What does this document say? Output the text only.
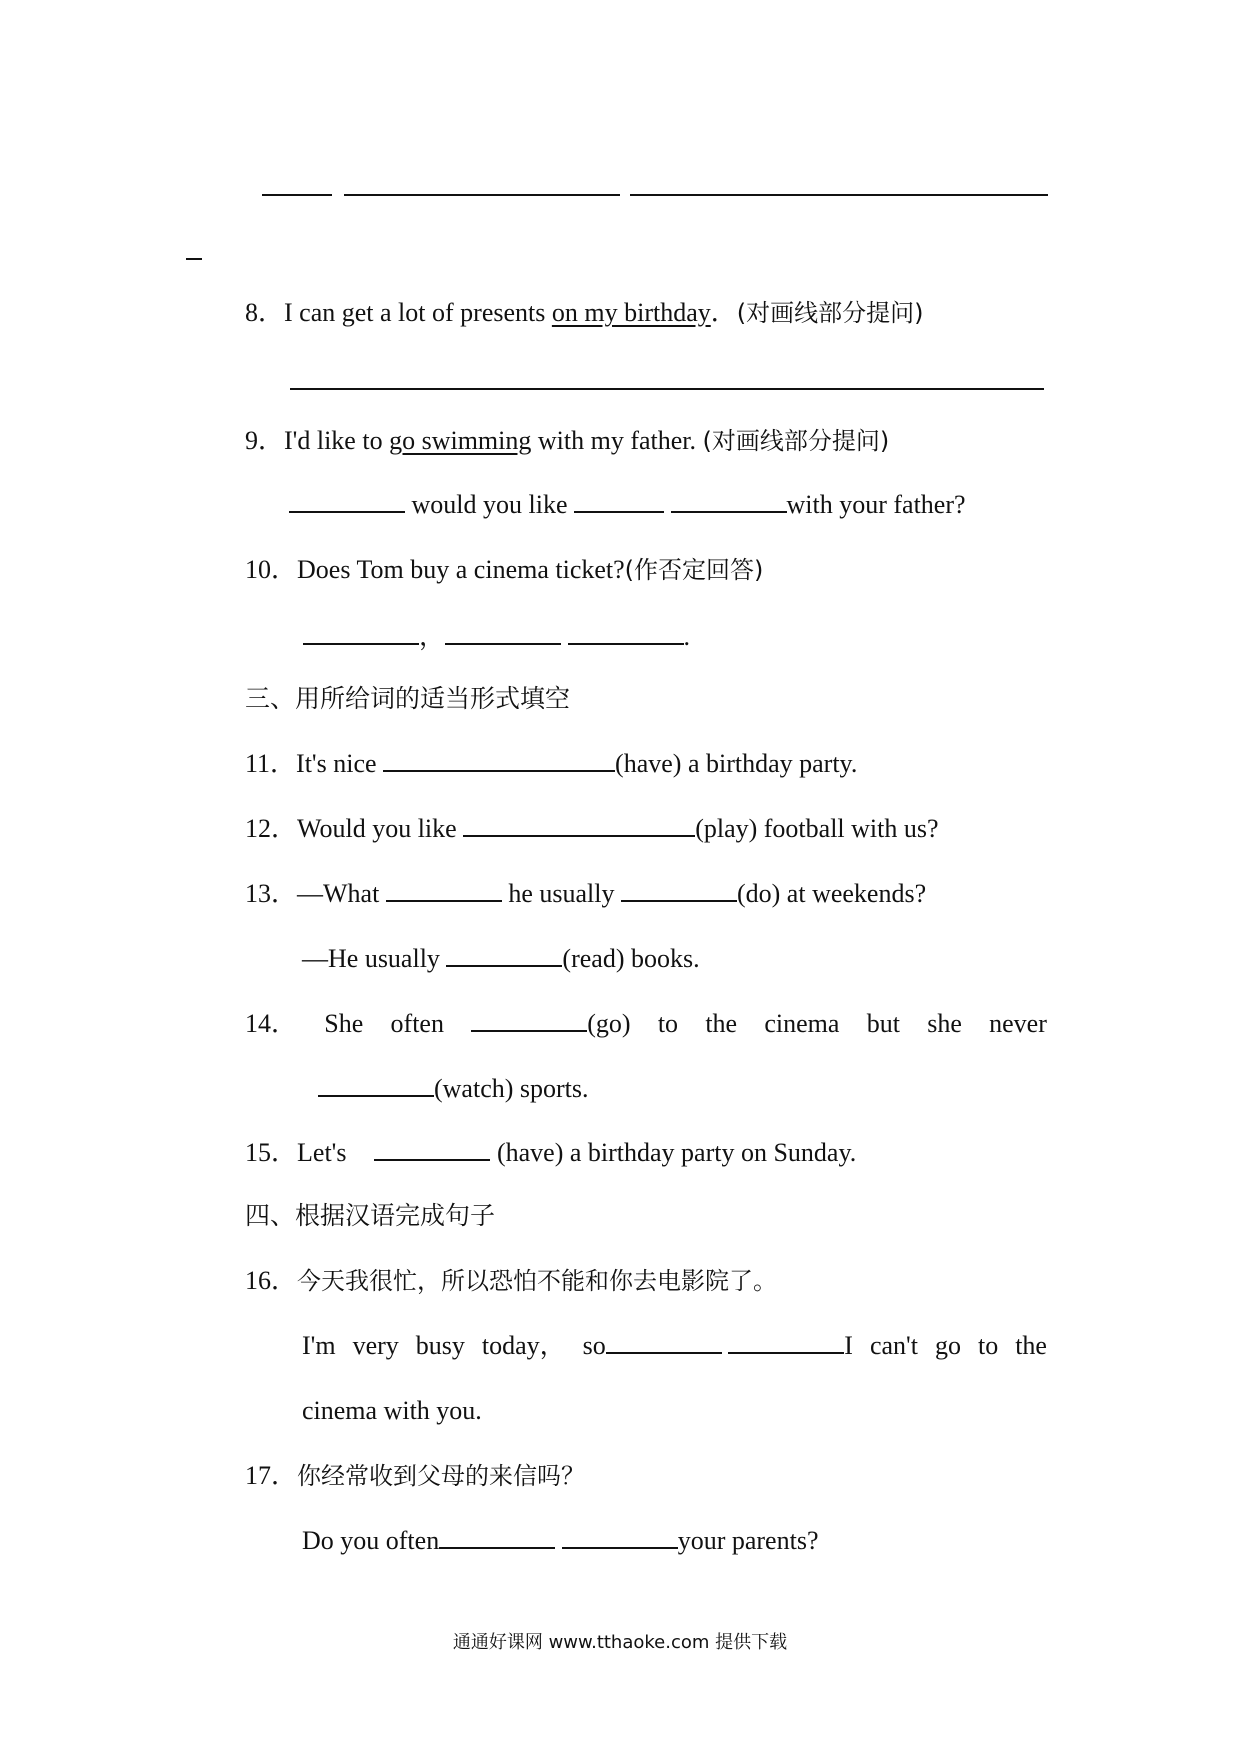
8．I can get a lot of presents on my birthday．(对画线部分提问)
9．I'd like to go swimming with my father. (对画线部分提问)
would you like	with your father?
10．Does Tom buy a cinema ticket?(作否定回答)
，	.
三、用所给词的适当形式填空
11．It's nice	(have) a birthday party.
12．Would you like	(play) football with us?
13．—What	he usually	(do) at weekends?
—He usually	(read) books.
14． She often	(go) to the cinema but she never
(watch) sports.
15．Let's	(have) a birthday party on Sunday.
四、根据汉语完成句子
16．今天我很忙，所以恐怕不能和你去电影院了。
I'm very busy today， so	I can't go to the
cinema with you.
17．你经常收到父母的来信吗？
Do you often	your parents?
通通好课网 www.tthaoke.com 提供下载
